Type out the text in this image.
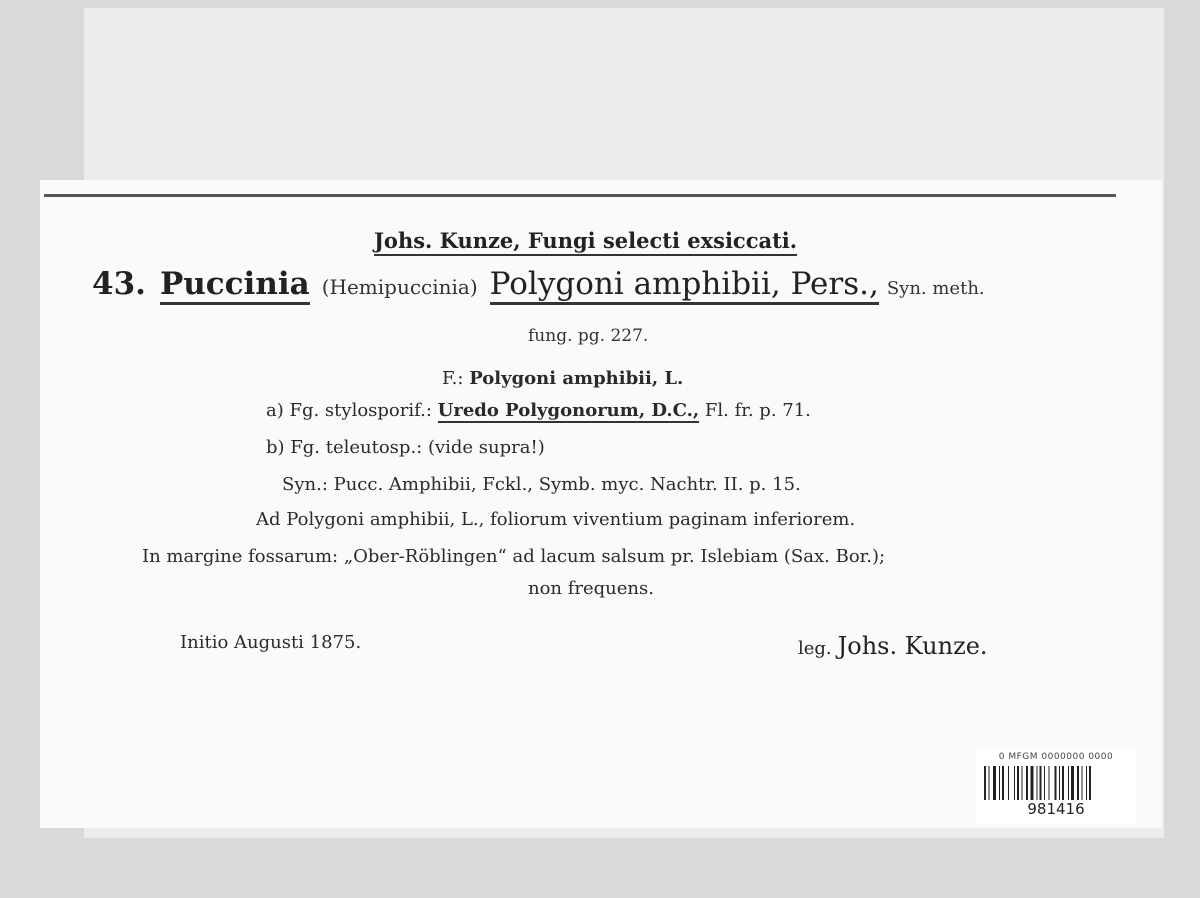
Johs. Kunze, Fungi selecti exsiccati.
43. Puccinia (Hemipuccinia) Polygoni amphibii, Pers., Syn. meth.
fung. pg. 227.
F.: Polygoni amphibii, L.
a) Fg. stylosporif.: Uredo Polygonorum, D.C., Fl. fr. p. 71.
b) Fg. teleutosp.: (vide supra!)
Syn.: Pucc. Amphibii, Fckl., Symb. myc. Nachtr. II. p. 15.
Ad Polygoni amphibii, L., foliorum viventium paginam inferiorem.
In margine fossarum: „Ober-Röblingen“ ad lacum salsum pr. Islebiam (Sax. Bor.);
non frequens.
Initio Augusti 1875.	leg. Johs. Kunze.
0 MFGM 0000000 0000
981416
